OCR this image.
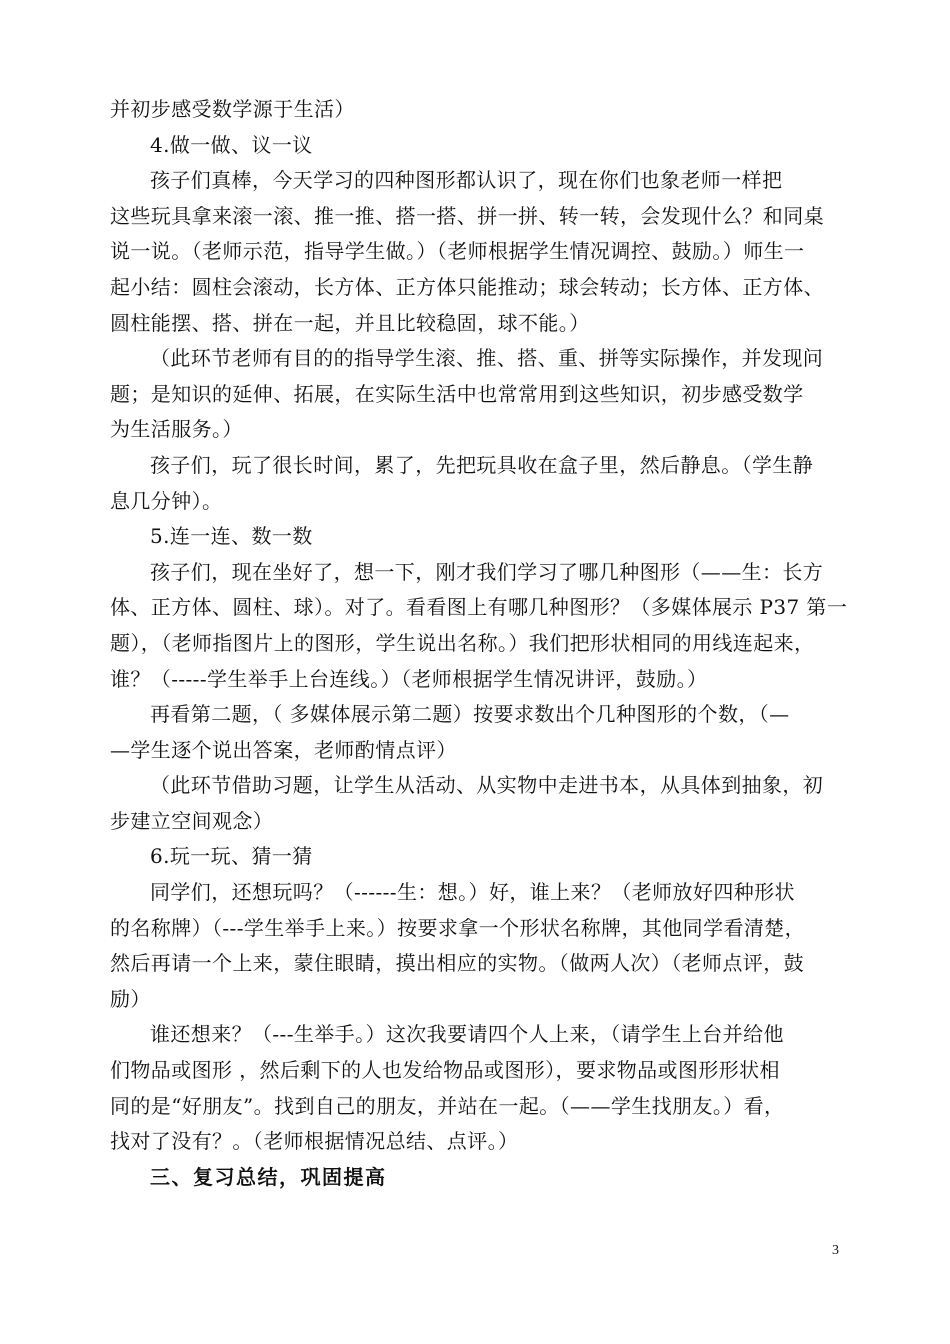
并初步感受数学源于生活）
4.做一做、议一议
孩子们真棒，今天学习的四种图形都认识了，现在你们也象老师一样把
这些玩具拿来滚一滚、推一推、搭一搭、拼一拼、转一转，会发现什么？和同桌
说一说。（老师示范，指导学生做。）（老师根据学生情况调控、鼓励。）师生一
起小结：圆柱会滚动，长方体、正方体只能推动；球会转动；长方体、正方体、
圆柱能摆、搭、拼在一起，并且比较稳固，球不能。）
（此环节老师有目的的指导学生滚、推、搭、重、拼等实际操作，并发现问
题；是知识的延伸、拓展，在实际生活中也常常用到这些知识，初步感受数学
为生活服务。）
孩子们，玩了很长时间，累了，先把玩具收在盒子里，然后静息。（学生静
息几分钟）。
5.连一连、数一数
孩子们，现在坐好了，想一下，刚才我们学习了哪几种图形（——生：长方
体、正方体、圆柱、球）。对了。看看图上有哪几种图形？（多媒体展示 P37 第一
题），（老师指图片上的图形，学生说出名称。）我们把形状相同的用线连起来，
谁？（-----学生举手上台连线。）（老师根据学生情况讲评，鼓励。）
再看第二题，（ 多媒体展示第二题）按要求数出个几种图形的个数，（—
—学生逐个说出答案，老师酌情点评）
（此环节借助习题，让学生从活动、从实物中走进书本，从具体到抽象，初
步建立空间观念）
6.玩一玩、猜一猜
同学们，还想玩吗？（------生：想。）好，谁上来？（老师放好四种形状
的名称牌）（---学生举手上来。）按要求拿一个形状名称牌，其他同学看清楚，
然后再请一个上来，蒙住眼睛，摸出相应的实物。（做两人次）（老师点评，鼓
励）
谁还想来？（---生举手。）这次我要请四个人上来，（请学生上台并给他
们物品或图形 ，然后剩下的人也发给物品或图形），要求物品或图形形状相
同的是“好朋友”。找到自己的朋友，并站在一起。（——学生找朋友。）看，
找对了没有？。（老师根据情况总结、点评。）
三、复习总结，巩固提高
3
